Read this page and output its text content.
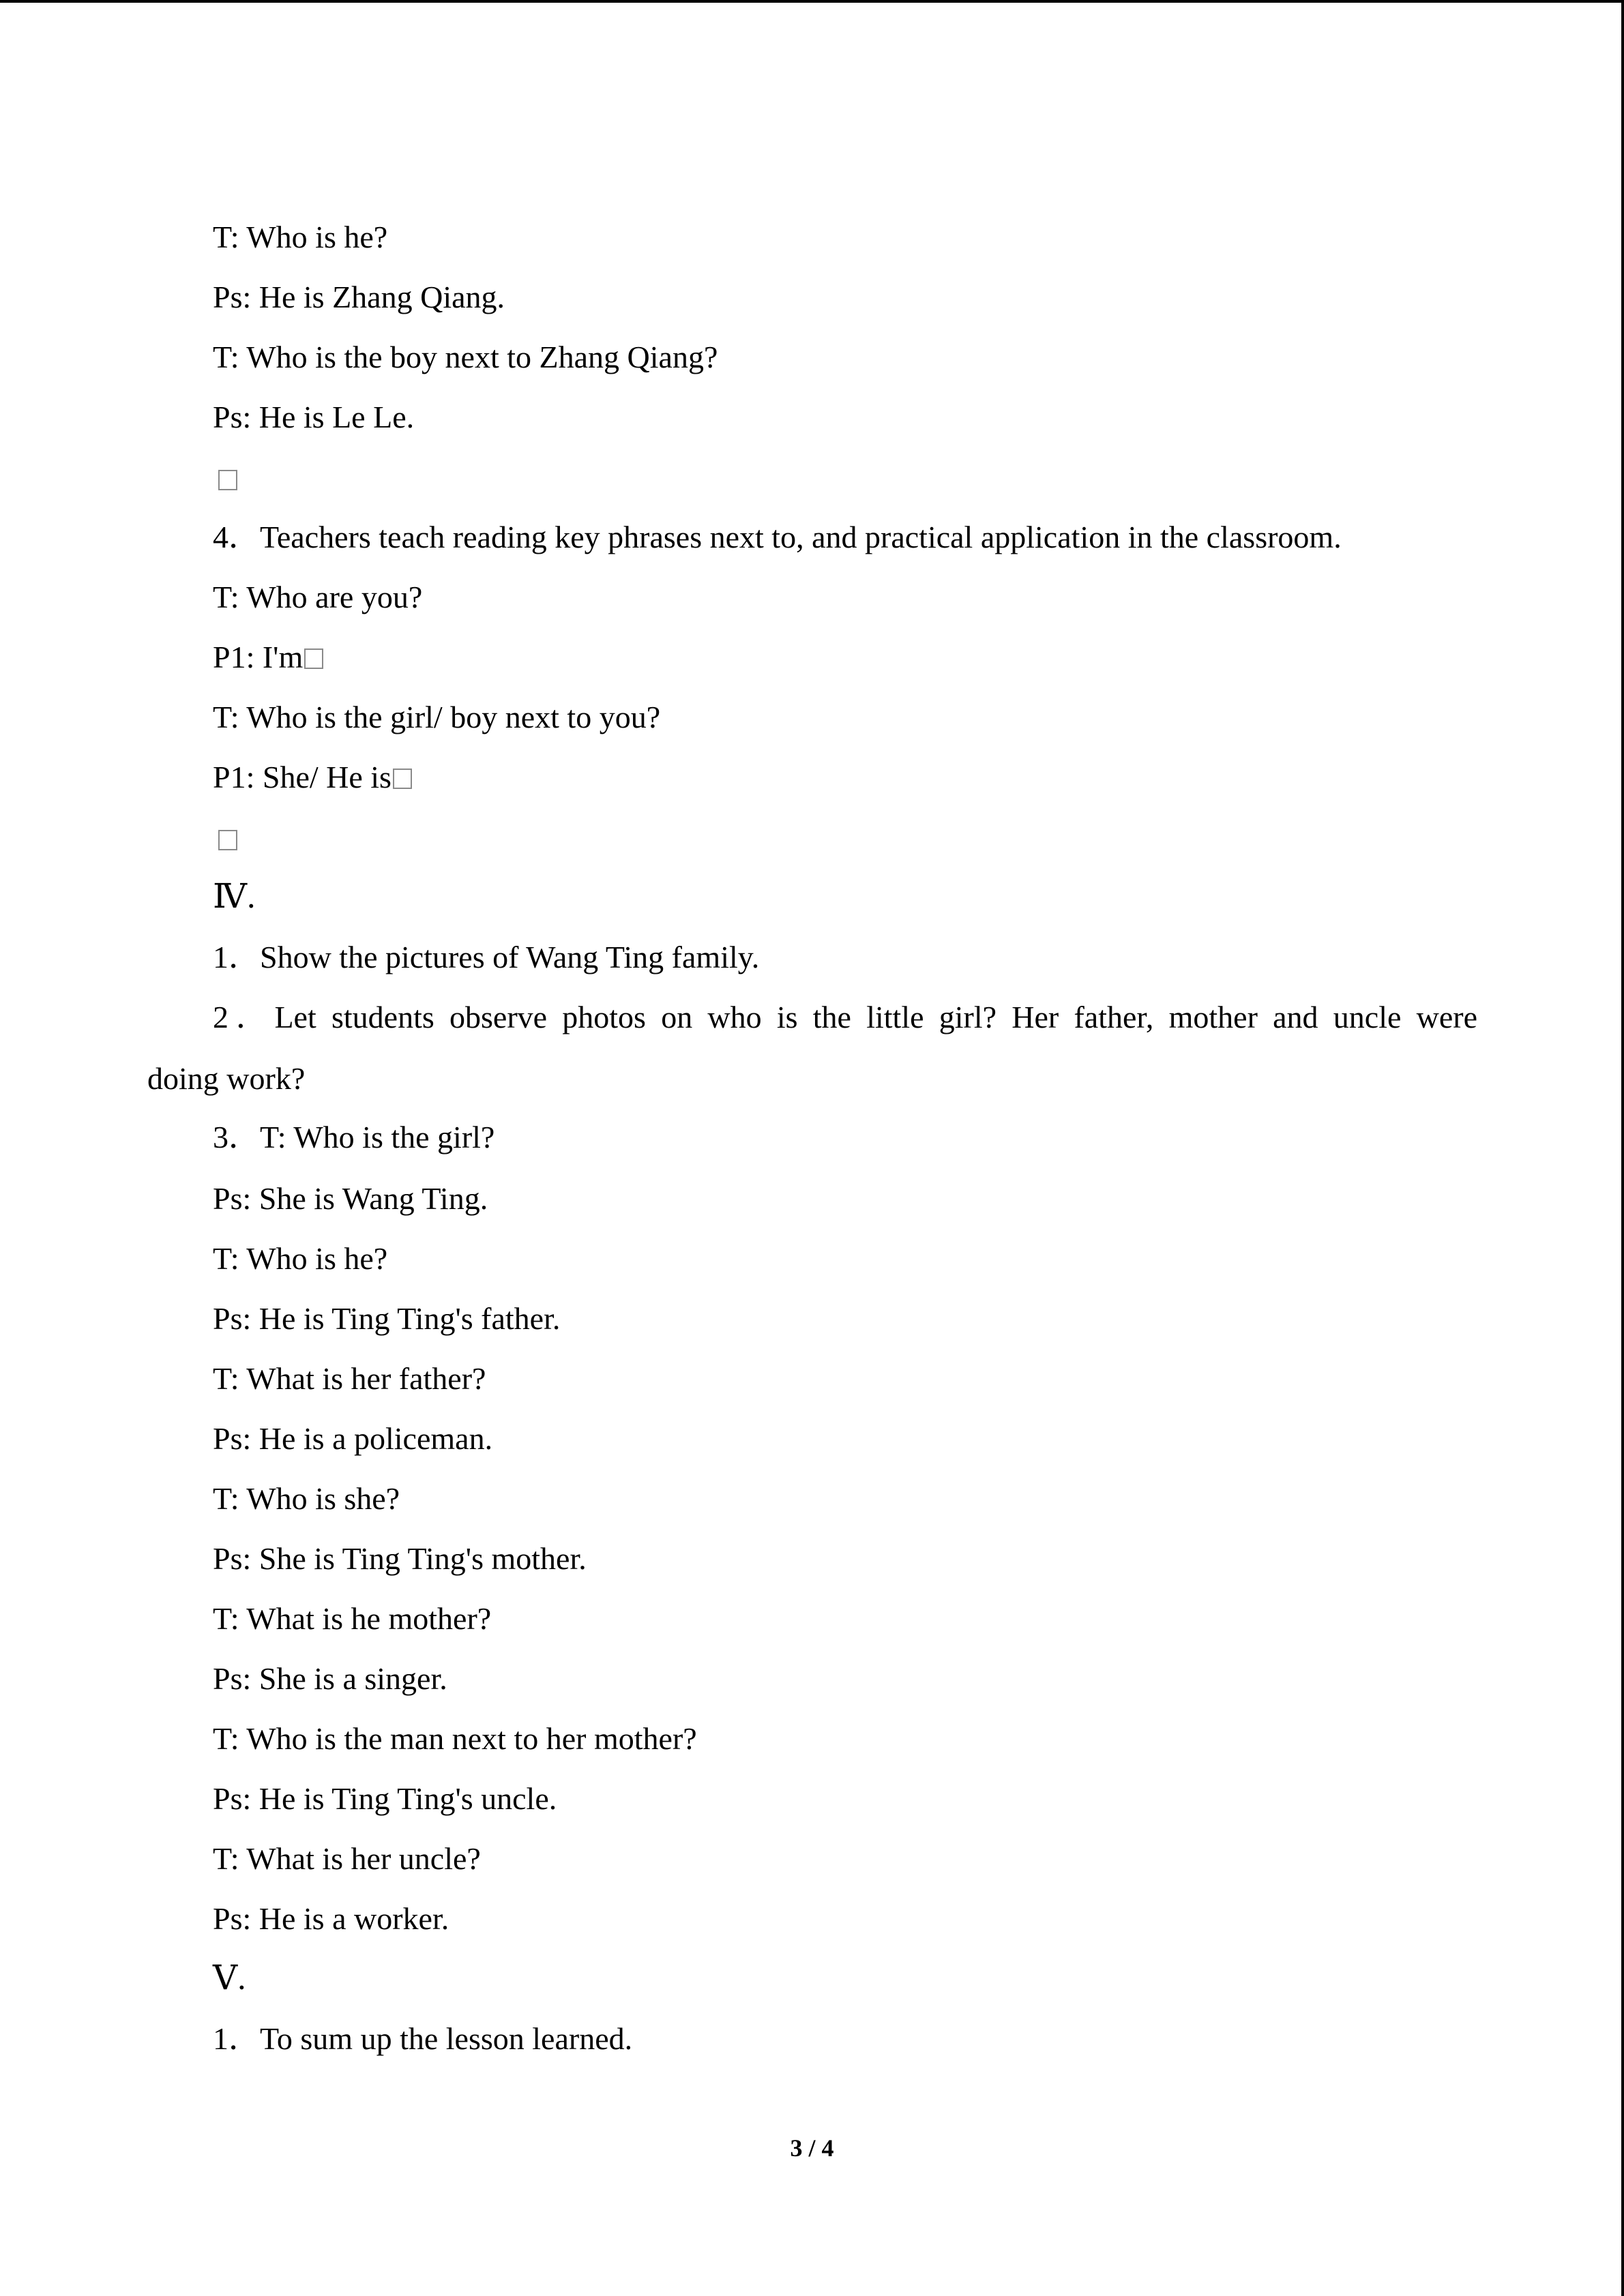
T: Who is he?
Ps: He is Zhang Qiang.
T: Who is the boy next to Zhang Qiang?
Ps: He is Le Le.
4．Teachers teach reading key phrases next to, and practical application in the classroom.
T: Who are you?
P1: I'm
T: Who is the girl/ boy next to you?
P1: She/ He is
Ⅳ.
1．Show the pictures of Wang Ting family.
2．Let students observe photos on who is the little girl? Her father, mother and uncle were
doing work?
3．T: Who is the girl?
Ps: She is Wang Ting.
T: Who is he?
Ps: He is Ting Ting's father.
T: What is her father?
Ps: He is a policeman.
T: Who is she?
Ps: She is Ting Ting's mother.
T: What is he mother?
Ps: She is a singer.
T: Who is the man next to her mother?
Ps: He is Ting Ting's uncle.
T: What is her uncle?
Ps: He is a worker.
Ⅴ.
1．To sum up the lesson learned.
3 / 4
